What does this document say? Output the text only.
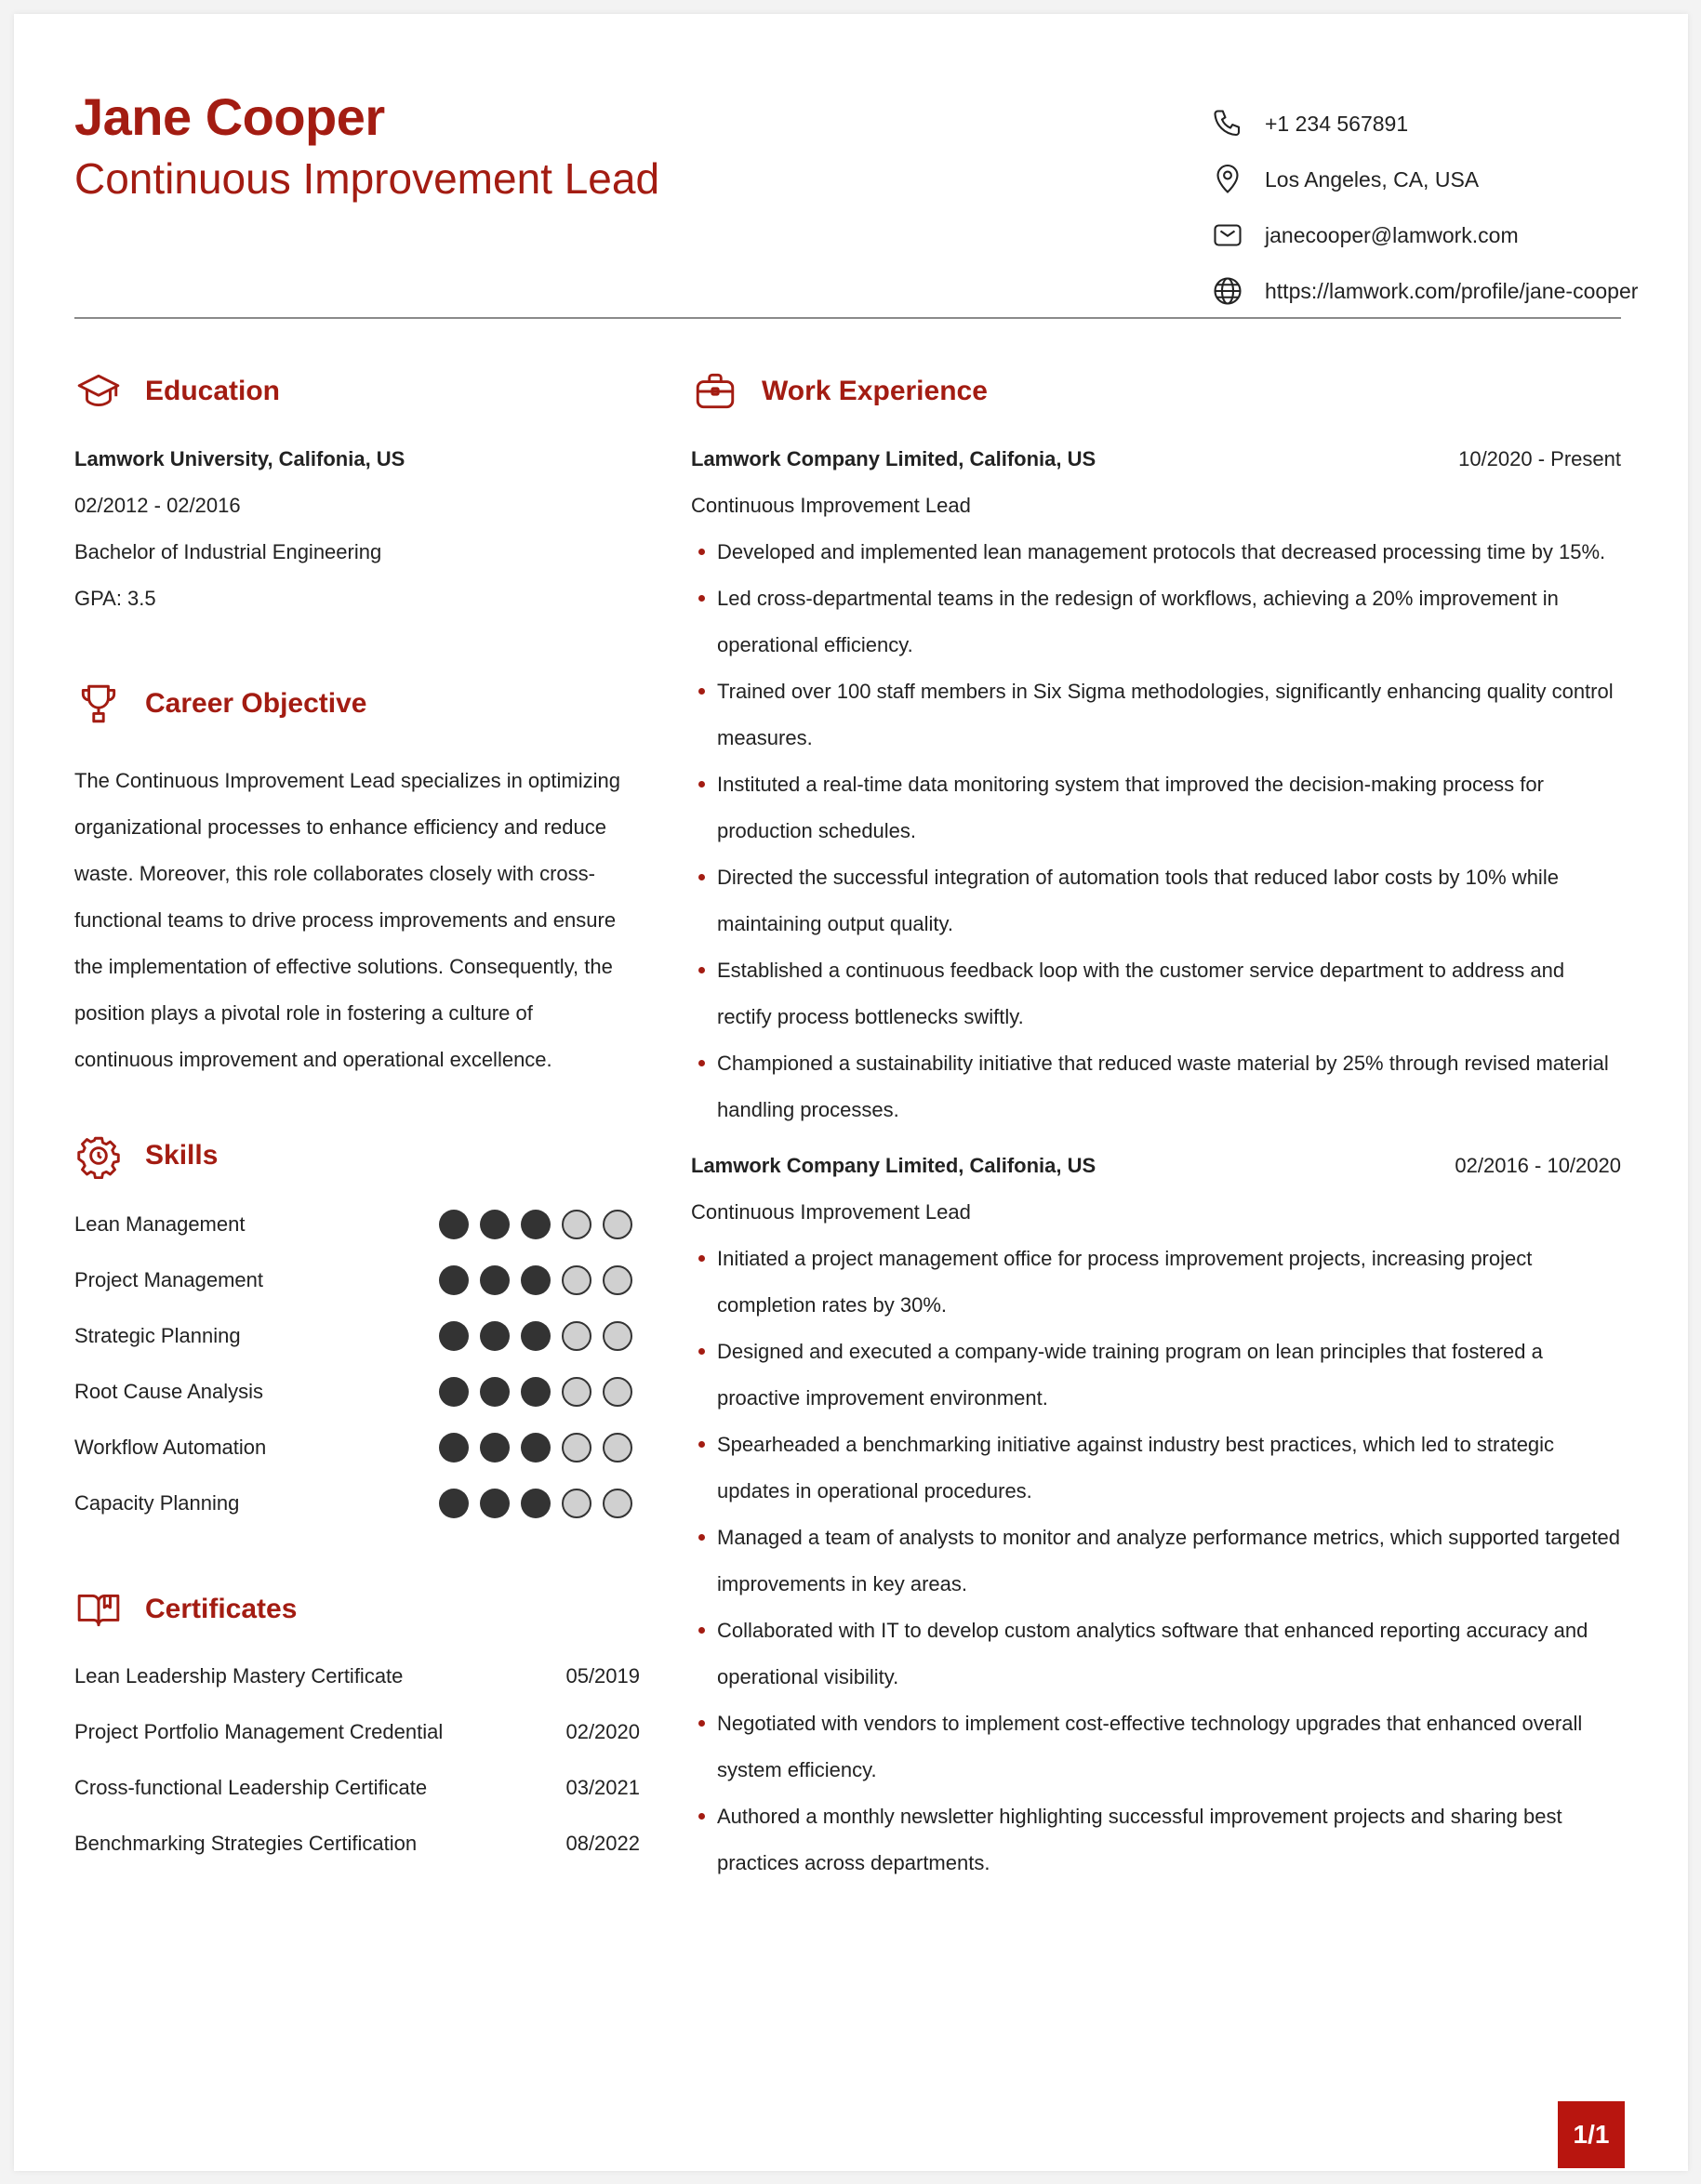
Jane Cooper
Continuous Improvement Lead
+1 234 567891
Los Angeles, CA, USA
janecooper@lamwork.com
https://lamwork.com/profile/jane-cooper
Education
Lamwork University, Califonia, US
02/2012 - 02/2016
Bachelor of Industrial Engineering
GPA: 3.5
Career Objective
The Continuous Improvement Lead specializes in optimizing organizational processes to enhance efficiency and reduce waste. Moreover, this role collaborates closely with cross-functional teams to drive process improvements and ensure the implementation of effective solutions. Consequently, the position plays a pivotal role in fostering a culture of continuous improvement and operational excellence.
Skills
Lean Management
Project Management
Strategic Planning
Root Cause Analysis
Workflow Automation
Capacity Planning
Certificates
Lean Leadership Mastery Certificate	05/2019
Project Portfolio Management Credential	02/2020
Cross-functional Leadership Certificate	03/2021
Benchmarking Strategies Certification	08/2022
Work Experience
Lamwork Company Limited, Califonia, US	10/2020 - Present
Continuous Improvement Lead
Developed and implemented lean management protocols that decreased processing time by 15%.
Led cross-departmental teams in the redesign of workflows, achieving a 20% improvement in operational efficiency.
Trained over 100 staff members in Six Sigma methodologies, significantly enhancing quality control measures.
Instituted a real-time data monitoring system that improved the decision-making process for production schedules.
Directed the successful integration of automation tools that reduced labor costs by 10% while maintaining output quality.
Established a continuous feedback loop with the customer service department to address and rectify process bottlenecks swiftly.
Championed a sustainability initiative that reduced waste material by 25% through revised material handling processes.
Lamwork Company Limited, Califonia, US	02/2016 - 10/2020
Continuous Improvement Lead
Initiated a project management office for process improvement projects, increasing project completion rates by 30%.
Designed and executed a company-wide training program on lean principles that fostered a proactive improvement environment.
Spearheaded a benchmarking initiative against industry best practices, which led to strategic updates in operational procedures.
Managed a team of analysts to monitor and analyze performance metrics, which supported targeted improvements in key areas.
Collaborated with IT to develop custom analytics software that enhanced reporting accuracy and operational visibility.
Negotiated with vendors to implement cost-effective technology upgrades that enhanced overall system efficiency.
Authored a monthly newsletter highlighting successful improvement projects and sharing best practices across departments.
1/1
